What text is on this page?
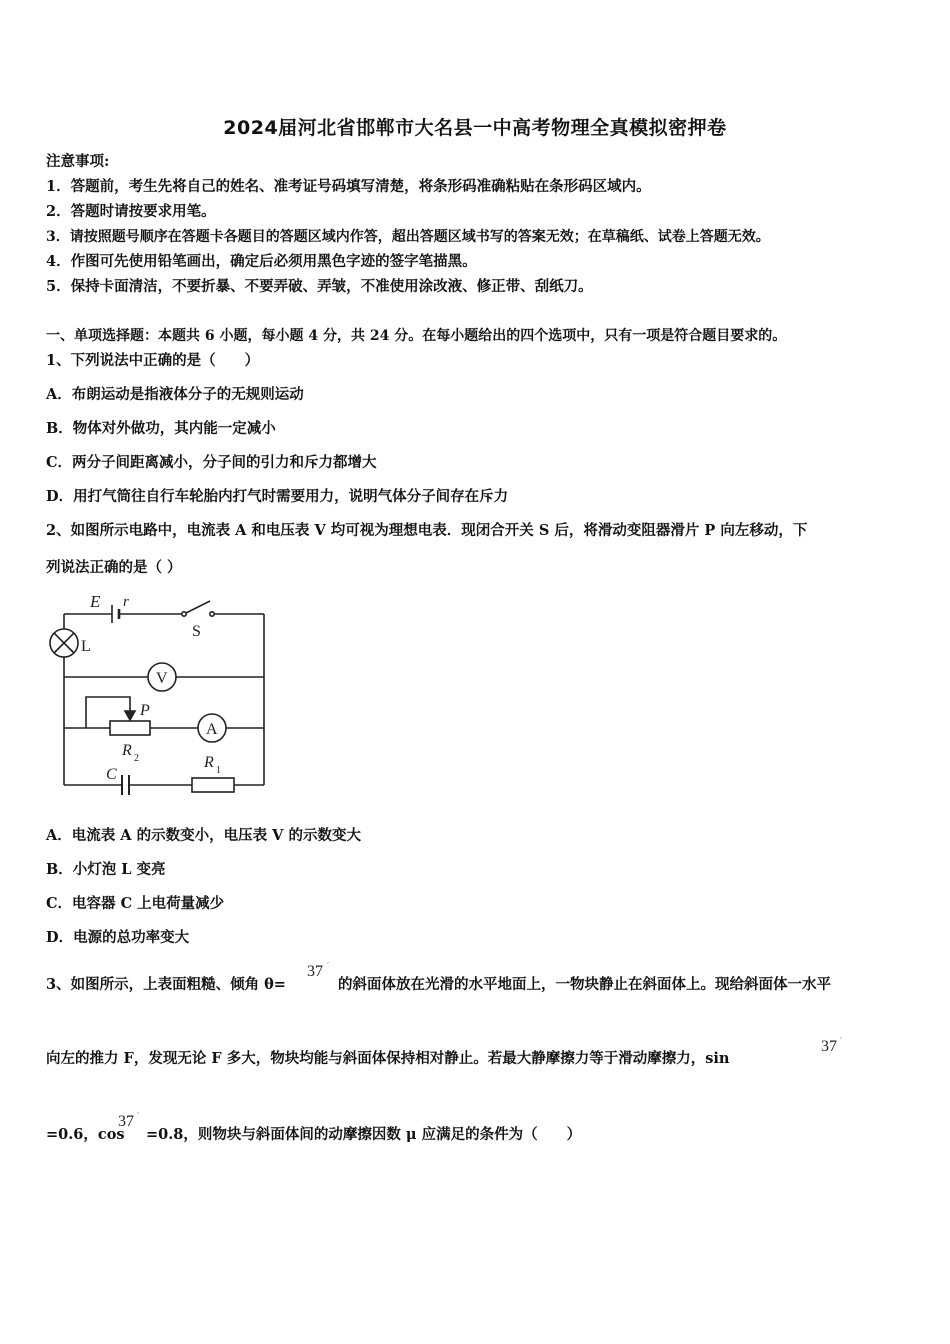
2024届河北省邯郸市大名县一中高考物理全真模拟密押卷
注意事项:
1．答题前，考生先将自己的姓名、准考证号码填写清楚，将条形码准确粘贴在条形码区域内。
2．答题时请按要求用笔。
3．请按照题号顺序在答题卡各题目的答题区域内作答，超出答题区域书写的答案无效；在草稿纸、试卷上答题无效。
4．作图可先使用铅笔画出，确定后必须用黑色字迹的签字笔描黑。
5．保持卡面清洁，不要折暴、不要弄破、弄皱，不准使用涂改液、修正带、刮纸刀。
一、单项选择题：本题共 6 小题，每小题 4 分，共 24 分。在每小题给出的四个选项中，只有一项是符合题目要求的。
1、下列说法中正确的是（　　）
A．布朗运动是指液体分子的无规则运动
B．物体对外做功，其内能一定减小
C．两分子间距离减小，分子间的引力和斥力都增大
D．用打气筒往自行车轮胎内打气时需要用力，说明气体分子间存在斥力
2、如图所示电路中，电流表 A 和电压表 V 均可视为理想电表．现闭合开关 S 后，将滑动变阻器滑片 P 向左移动，下
列说法正确的是（ ）
E r
S
L
V
A
P
R 2
C
R 1
A．电流表 A 的示数变小，电压表 V 的示数变大
B．小灯泡 L 变亮
C．电容器 C 上电荷量减少
D．电源的总功率变大
3、如图所示，上表面粗糙、倾角 θ=
37 ′
的斜面体放在光滑的水平地面上，一物块静止在斜面体上。现给斜面体一水平
向左的推力 F，发现无论 F 多大，物块均能与斜面体保持相对静止。若最大静摩擦力等于滑动摩擦力，sin
37 ′
=0.6，cos
37 ′
=0.8，则物块与斜面体间的动摩擦因数 μ 应满足的条件为（　　）
